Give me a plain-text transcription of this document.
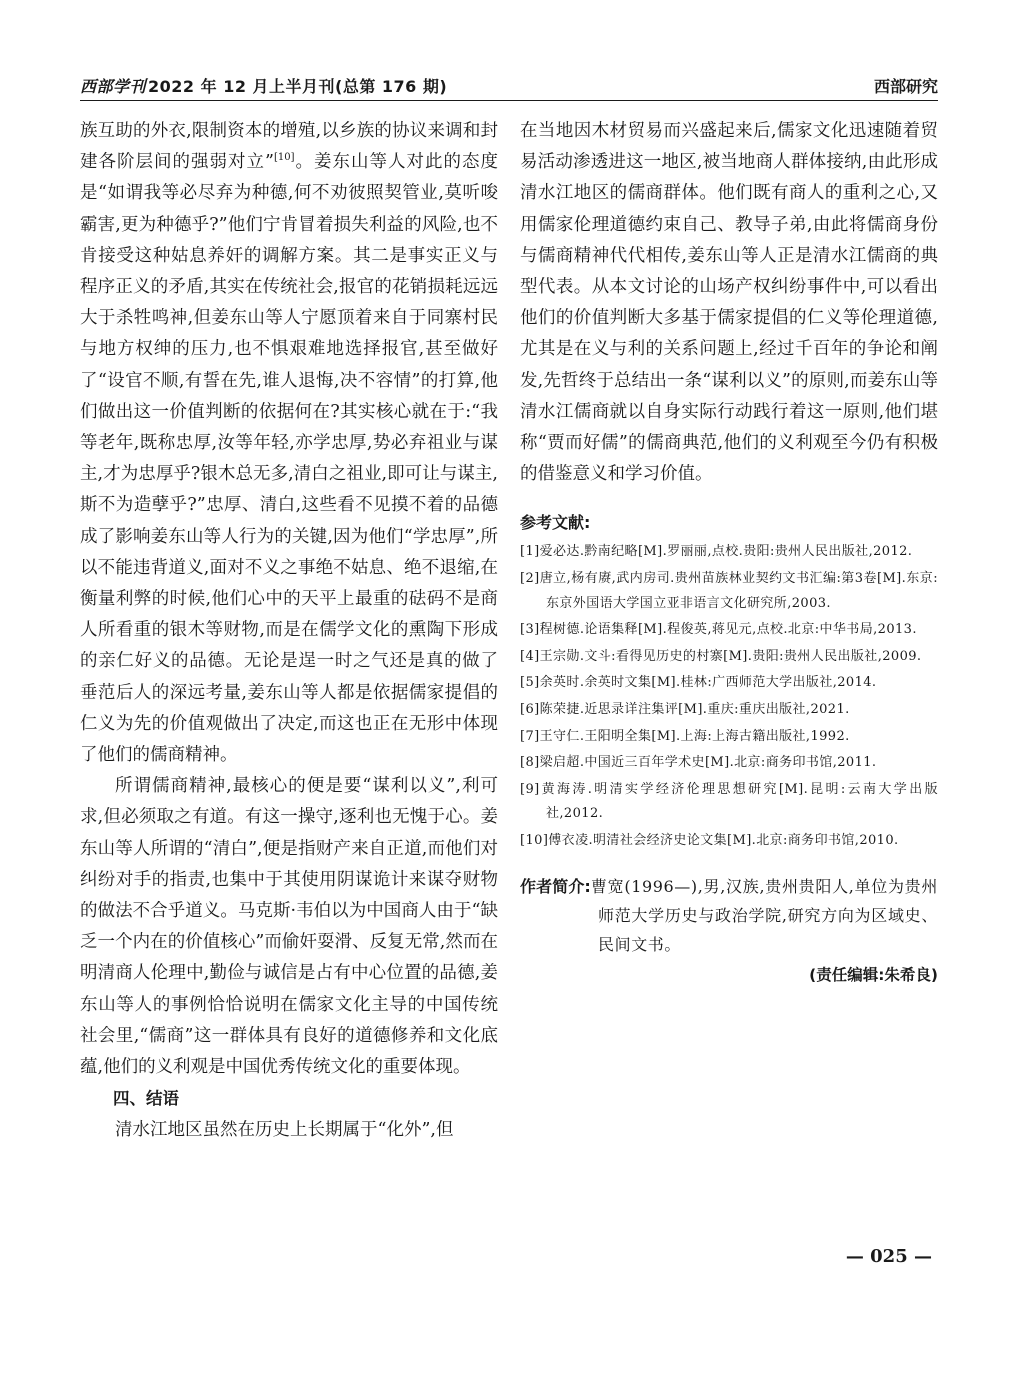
西部学刊 2022 年 12 月上半月刊(总第 176 期)	西部研究

族互助的外衣,限制资本的增殖,以乡族的协议来调和封建各阶层间的强弱对立”[10]。姜东山等人对此的态度是“如谓我等必尽弃为种德,何不劝彼照契管业,莫听唆霸害,更为种德乎?”他们宁肯冒着损失利益的风险,也不肯接受这种姑息养奸的调解方案。其二是事实正义与程序正义的矛盾,其实在传统社会,报官的花销损耗远远大于杀牲鸣神,但姜东山等人宁愿顶着来自于同寨村民与地方权绅的压力,也不惧艰难地选择报官,甚至做好了“设官不顺,有誓在先,谁人退悔,决不容情”的打算,他们做出这一价值判断的依据何在?其实核心就在于:“我等老年,既称忠厚,汝等年轻,亦学忠厚,势必弃祖业与谋主,才为忠厚乎?银木总无多,清白之祖业,即可让与谋主,斯不为造孽乎?”忠厚、清白,这些看不见摸不着的品德成了影响姜东山等人行为的关键,因为他们“学忠厚”,所以不能违背道义,面对不义之事绝不姑息、绝不退缩,在衡量利弊的时候,他们心中的天平上最重的砝码不是商人所看重的银木等财物,而是在儒学文化的熏陶下形成的亲仁好义的品德。无论是逞一时之气还是真的做了垂范后人的深远考量,姜东山等人都是依据儒家提倡的仁义为先的价值观做出了决定,而这也正在无形中体现了他们的儒商精神。

所谓儒商精神,最核心的便是要“谋利以义”,利可求,但必须取之有道。有这一操守,逐利也无愧于心。姜东山等人所谓的“清白”,便是指财产来自正道,而他们对纠纷对手的指责,也集中于其使用阴谋诡计来谋夺财物的做法不合乎道义。马克斯·韦伯以为中国商人由于“缺乏一个内在的价值核心”而偷奸耍滑、反复无常,然而在明清商人伦理中,勤俭与诚信是占有中心位置的品德,姜东山等人的事例恰恰说明在儒家文化主导的中国传统社会里,“儒商”这一群体具有良好的道德修养和文化底蕴,他们的义利观是中国优秀传统文化的重要体现。

四、结语

清水江地区虽然在历史上长期属于“化外”,但

在当地因木材贸易而兴盛起来后,儒家文化迅速随着贸易活动渗透进这一地区,被当地商人群体接纳,由此形成清水江地区的儒商群体。他们既有商人的重利之心,又用儒家伦理道德约束自己、教导子弟,由此将儒商身份与儒商精神代代相传,姜东山等人正是清水江儒商的典型代表。从本文讨论的山场产权纠纷事件中,可以看出他们的价值判断大多基于儒家提倡的仁义等伦理道德,尤其是在义与利的关系问题上,经过千百年的争论和阐发,先哲终于总结出一条“谋利以义”的原则,而姜东山等清水江儒商就以自身实际行动践行着这一原则,他们堪称“贾而好儒”的儒商典范,他们的义利观至今仍有积极的借鉴意义和学习价值。

参考文献:
[1]爱必达.黔南纪略[M].罗丽丽,点校.贵阳:贵州人民出版社,2012.
[2]唐立,杨有赓,武内房司.贵州苗族林业契约文书汇编:第3卷[M].东京:东京外国语大学国立亚非语言文化研究所,2003.
[3]程树德.论语集释[M].程俊英,蒋见元,点校.北京:中华书局,2013.
[4]王宗勋.文斗:看得见历史的村寨[M].贵阳:贵州人民出版社,2009.
[5]余英时.余英时文集[M].桂林:广西师范大学出版社,2014.
[6]陈荣捷.近思录详注集评[M].重庆:重庆出版社,2021.
[7]王守仁.王阳明全集[M].上海:上海古籍出版社,1992.
[8]梁启超.中国近三百年学术史[M].北京:商务印书馆,2011.
[9]黄海涛.明清实学经济伦理思想研究[M].昆明:云南大学出版社,2012.
[10]傅衣凌.明清社会经济史论文集[M].北京:商务印书馆,2010.
作者简介:曹宽(1996—),男,汉族,贵州贵阳人,单位为贵州师范大学历史与政治学院,研究方向为区域史、民间文书。
(责任编辑:朱希良)
— 025 —
